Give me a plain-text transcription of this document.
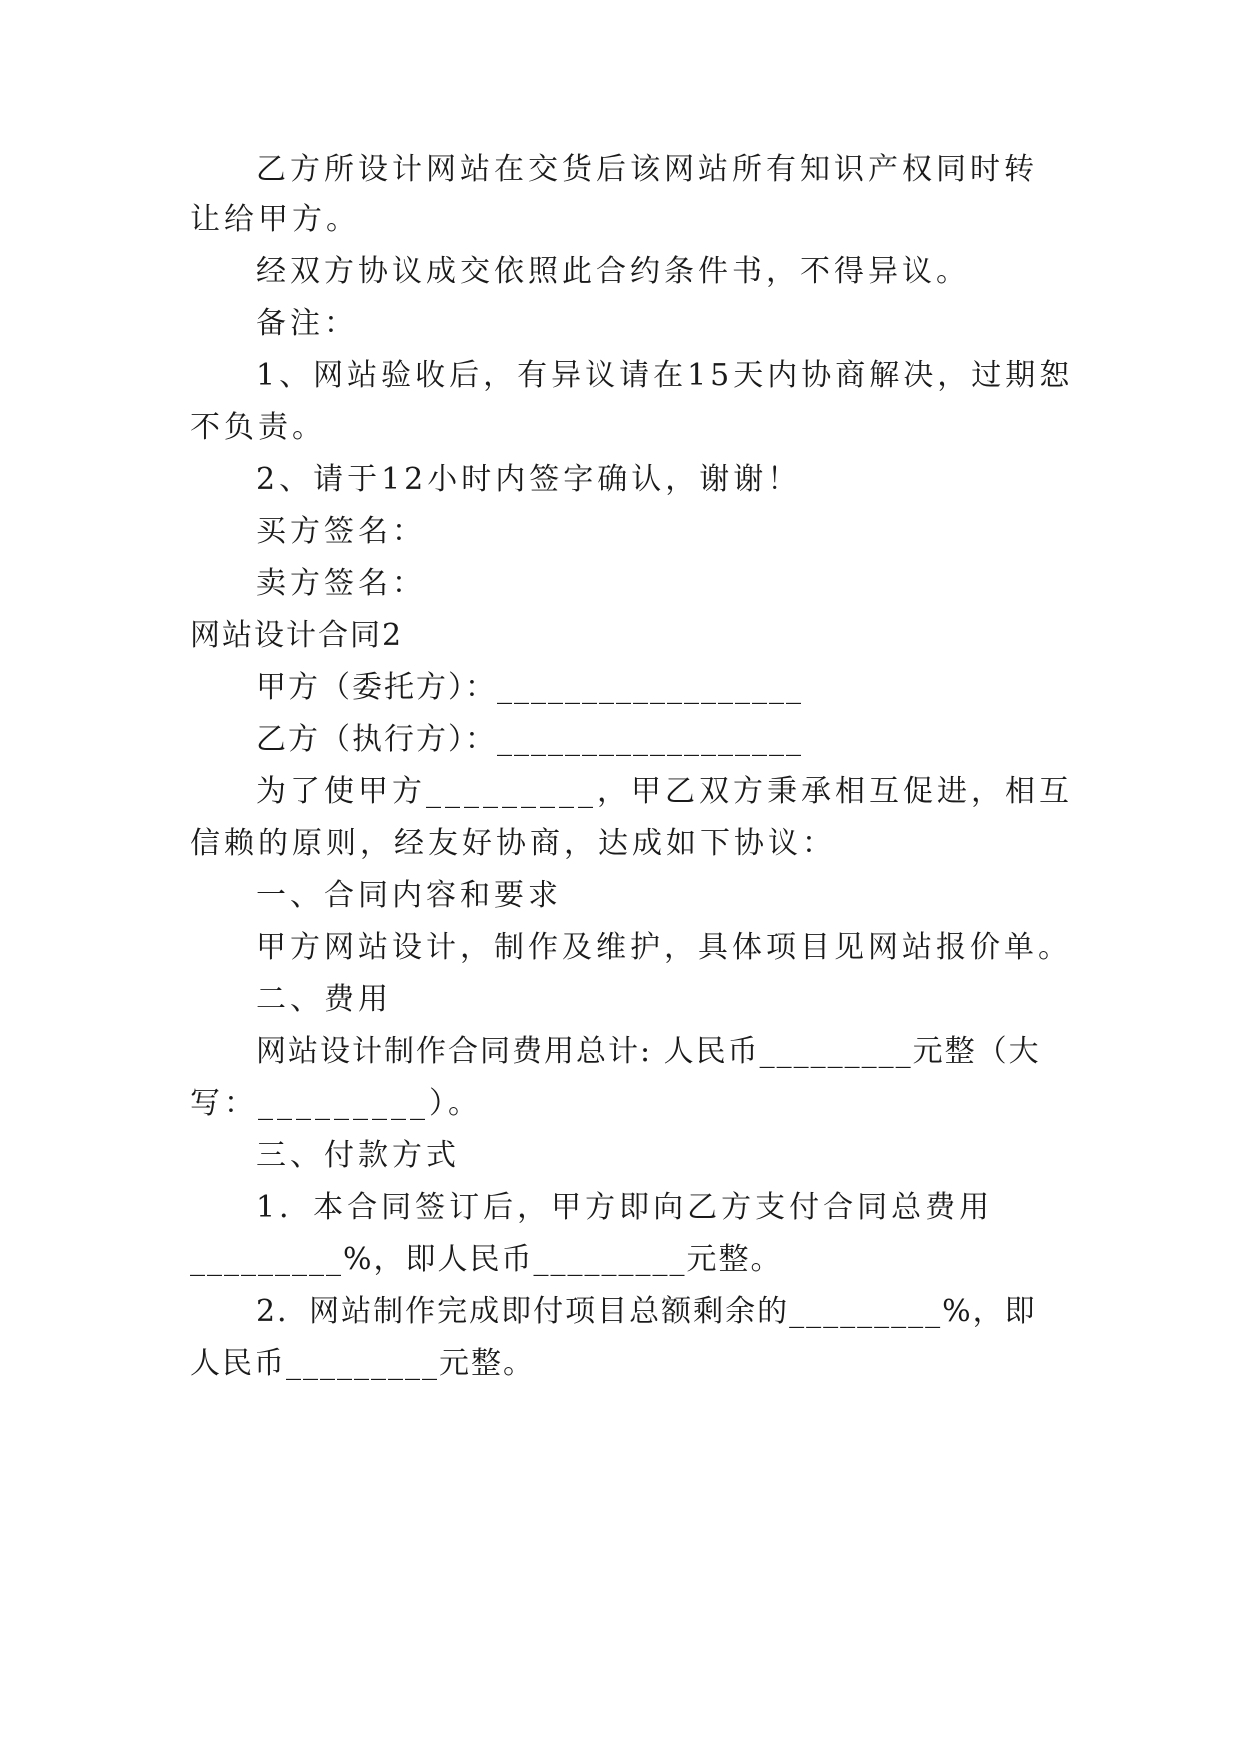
乙方所设计网站在交货后该网站所有知识产权同时转
让给甲方。
经双方协议成交依照此合约条件书，不得异议。
备注：
1、网站验收后，有异议请在15天内协商解决，过期恕
不负责。
2、请于12小时内签字确认，谢谢！
买方签名：
卖方签名：
网站设计合同2
甲方（委托方）：__________________
乙方（执行方）：__________________
为了使甲方_________，甲乙双方秉承相互促进，相互
信赖的原则，经友好协商，达成如下协议：
一、合同内容和要求
甲方网站设计，制作及维护，具体项目见网站报价单。
二、费用
网站设计制作合同费用总计: 人民币_________元整（大
写：_________）。
三、付款方式
1．本合同签订后，甲方即向乙方支付合同总费用
_________%，即人民币_________元整。
2．网站制作完成即付项目总额剩余的_________%，即
人民币_________元整。
